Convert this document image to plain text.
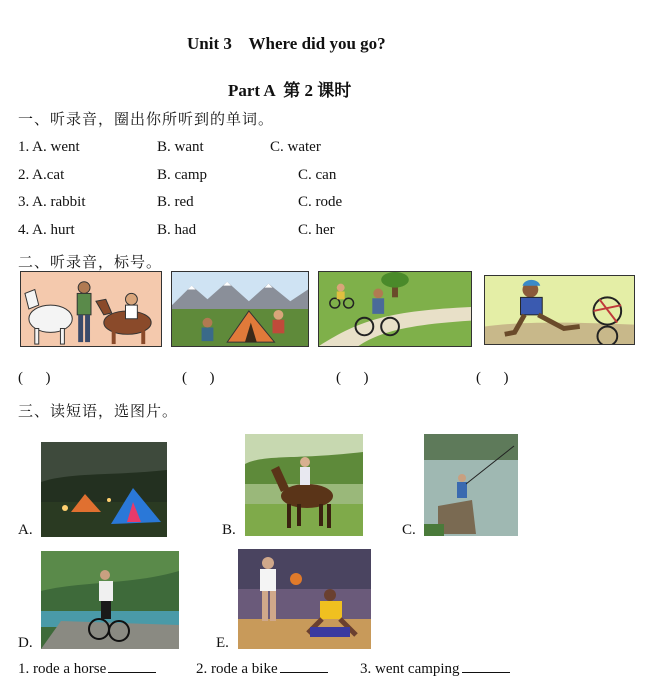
Unit 3    Where did you go?
Part A  第 2 课时
一、听录音，圈出你所听到的单词。
1. A. went	B. want	C. water
2. A.cat	B. camp	C. can
3. A. rabbit	B. red	C. rode
4. A. hurt	B. had	C. her
二、听录音，标号。
(      )	(      )	(      )	(      )
三、读短语，选图片。
A.	B.	C.
D.	E.
1. rode a horse	2. rode a bike	3. went camping
